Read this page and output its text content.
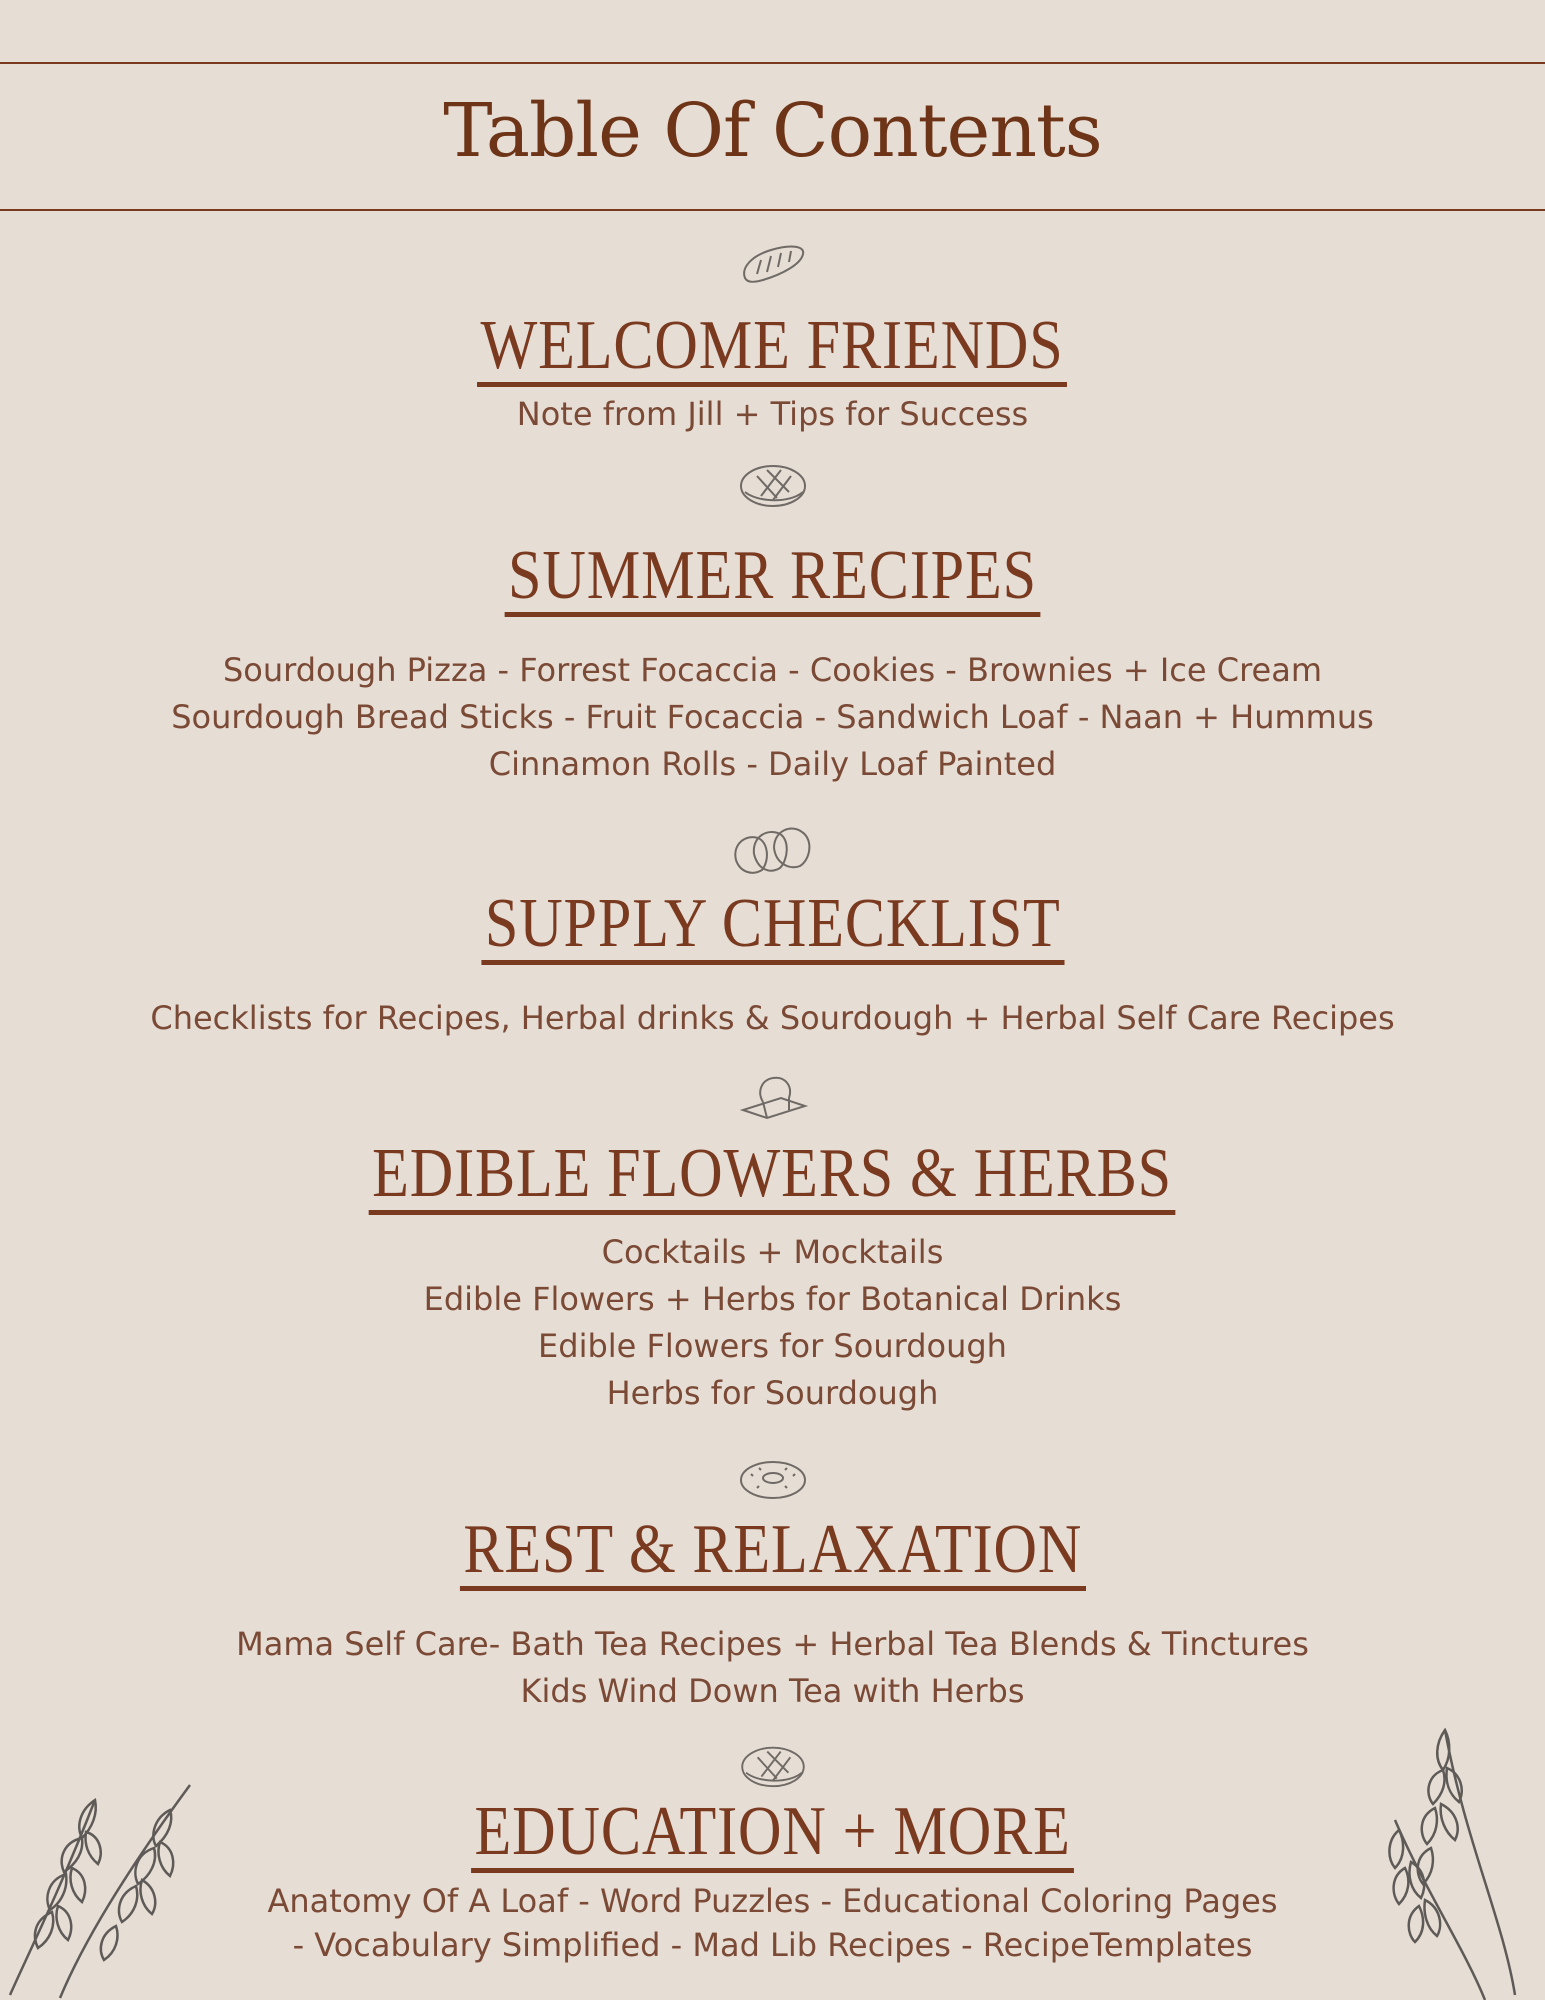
Table Of Contents
WELCOME FRIENDS
Note from Jill + Tips for Success
SUMMER RECIPES
Sourdough Pizza - Forrest Focaccia - Cookies - Brownies + Ice Cream
Sourdough Bread Sticks - Fruit Focaccia - Sandwich Loaf - Naan + Hummus
Cinnamon Rolls - Daily Loaf Painted
SUPPLY CHECKLIST
Checklists for Recipes, Herbal drinks & Sourdough + Herbal Self Care Recipes
EDIBLE FLOWERS & HERBS
Cocktails + Mocktails
Edible Flowers + Herbs for Botanical Drinks
Edible Flowers for Sourdough
Herbs for Sourdough
REST & RELAXATION
Mama Self Care- Bath Tea Recipes + Herbal Tea Blends & Tinctures
Kids Wind Down Tea with Herbs
EDUCATION + MORE
Anatomy Of A Loaf - Word Puzzles - Educational Coloring Pages
- Vocabulary Simplified - Mad Lib Recipes - RecipeTemplates
